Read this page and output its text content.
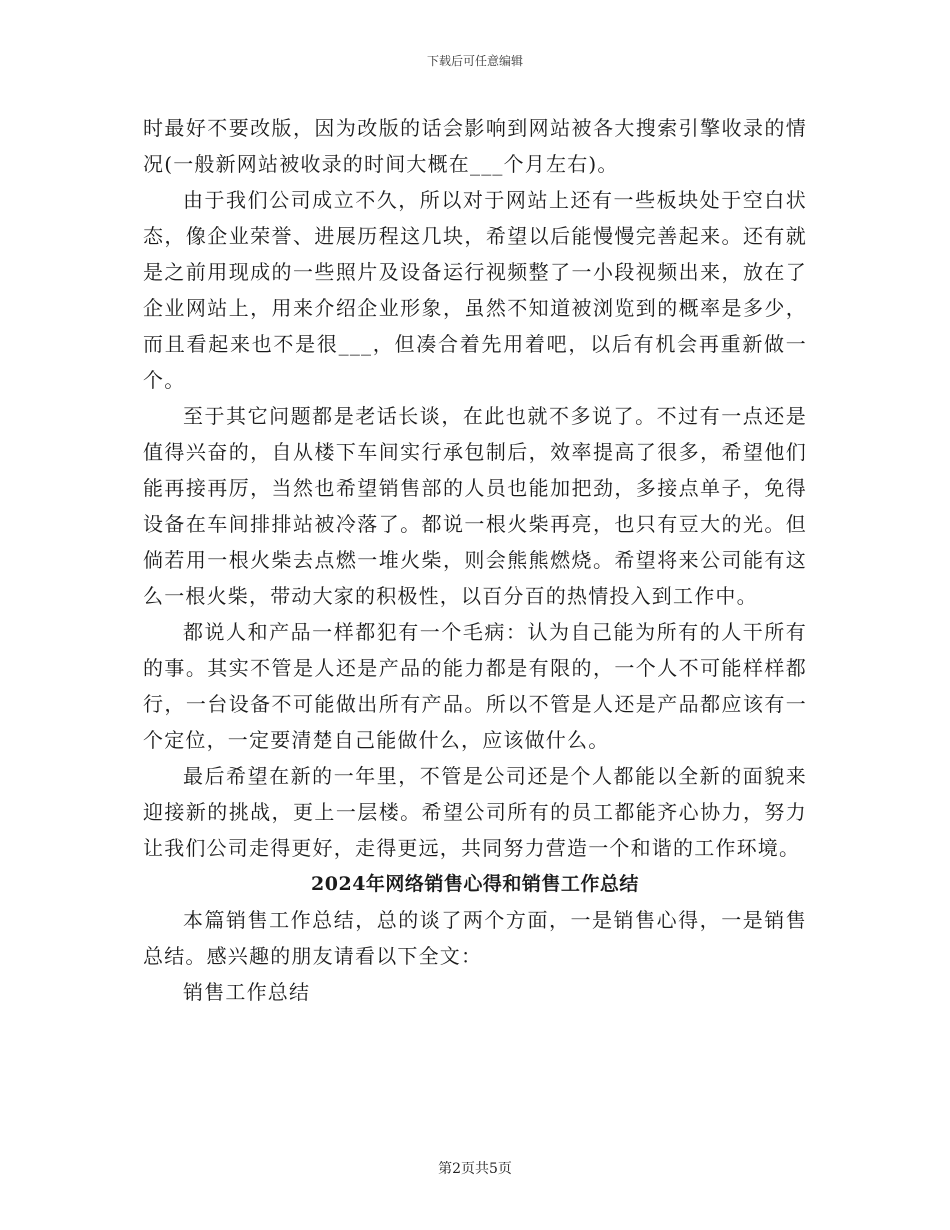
下载后可任意编辑

时最好不要改版，因为改版的话会影响到网站被各大搜索引擎收录的情况(一般新网站被收录的时间大概在___个月左右)。

由于我们公司成立不久，所以对于网站上还有一些板块处于空白状态，像企业荣誉、进展历程这几块，希望以后能慢慢完善起来。还有就是之前用现成的一些照片及设备运行视频整了一小段视频出来，放在了企业网站上，用来介绍企业形象，虽然不知道被浏览到的概率是多少，而且看起来也不是很___，但凑合着先用着吧，以后有机会再重新做一个。

至于其它问题都是老话长谈，在此也就不多说了。不过有一点还是值得兴奋的，自从楼下车间实行承包制后，效率提高了很多，希望他们能再接再厉，当然也希望销售部的人员也能加把劲，多接点单子，免得设备在车间排排站被冷落了。都说一根火柴再亮，也只有豆大的光。但倘若用一根火柴去点燃一堆火柴，则会熊熊燃烧。希望将来公司能有这么一根火柴，带动大家的积极性，以百分百的热情投入到工作中。

都说人和产品一样都犯有一个毛病：认为自己能为所有的人干所有的事。其实不管是人还是产品的能力都是有限的，一个人不可能样样都行，一台设备不可能做出所有产品。所以不管是人还是产品都应该有一个定位，一定要清楚自己能做什么，应该做什么。

最后希望在新的一年里，不管是公司还是个人都能以全新的面貌来迎接新的挑战，更上一层楼。希望公司所有的员工都能齐心协力，努力让我们公司走得更好，走得更远，共同努力营造一个和谐的工作环境。

2024年网络销售心得和销售工作总结

本篇销售工作总结，总的谈了两个方面，一是销售心得，一是销售总结。感兴趣的朋友请看以下全文：

销售工作总结

第2页共5页
